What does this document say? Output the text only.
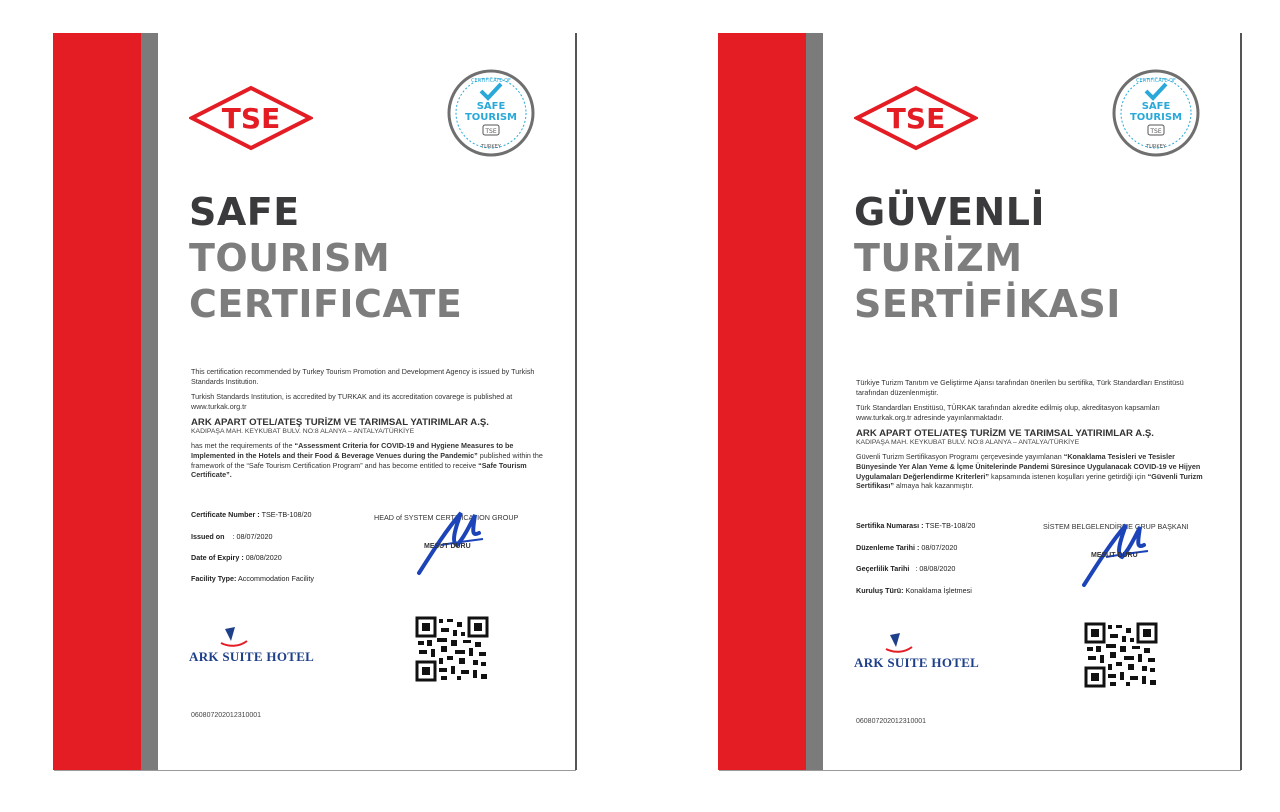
TSE
CERTIFICATE OF
SAFE
TOURISM
TSE
TURKEY
SAFE
TOURISM
CERTIFICATE

This certification recommended by Turkey Tourism Promotion and Development Agency is issued by Turkish Standards Institution.

Turkish Standards Institution, is accredited by TURKAK and its accreditation covarege is published at www.turkak.org.tr

ARK APART OTEL/ATEŞ TURİZM VE TARIMSAL YATIRIMLAR A.Ş.

KADIPAŞA MAH. KEYKUBAT BULV. NO:8 ALANYA – ANTALYA/TÜRKİYE

has met the requirements of the “Assessment Criteria for COVID-19 and Hygiene Measures to be Implemented in the Hotels and their Food & Beverage Venues during the Pandemic” published within the framework of the “Safe Tourism Certification Program” and has become entitled to receive “Safe Tourism Certificate”.

Certificate Number : TSE-TB-108/20
Issued on : 08/07/2020
Date of Expiry : 08/08/2020
Facility Type: Accommodation Facility
HEAD of SYSTEM CERTIFICATION GROUP
MESUT DURU
ARK SUITE HOTEL
060807202012310001
TSE
CERTIFICATE OF
SAFE
TOURISM
TSE
TURKEY
GÜVENLİ
TURİZM
SERTİFİKASI

Türkiye Turizm Tanıtım ve Geliştirme Ajansı tarafından önerilen bu sertifika, Türk Standardları Enstitüsü tarafından düzenlenmiştir.

Türk Standardları Enstitüsü, TÜRKAK tarafından akredite edilmiş olup, akreditasyon kapsamları www.turkak.org.tr adresinde yayınlanmaktadır.

ARK APART OTEL/ATEŞ TURİZM VE TARIMSAL YATIRIMLAR A.Ş.

KADIPAŞA MAH. KEYKUBAT BULV. NO:8 ALANYA – ANTALYA/TÜRKİYE

Güvenli Turizm Sertifikasyon Programı çerçevesinde yayımlanan “Konaklama Tesisleri ve Tesisler Bünyesinde Yer Alan Yeme & İçme Ünitelerinde Pandemi Süresince Uygulanacak COVID-19 ve Hijyen Uygulamaları Değerlendirme Kriterleri” kapsamında istenen koşulları yerine getirdiği için “Güvenli Turizm Sertifikası” almaya hak kazanmıştır.

Sertifika Numarası : TSE-TB-108/20
Düzenleme Tarihi : 08/07/2020
Geçerlilik Tarihi : 08/08/2020
Kuruluş Türü: Konaklama İşletmesi
SİSTEM BELGELENDİRME GRUP BAŞKANI
MESUT DURU
ARK SUITE HOTEL
060807202012310001
